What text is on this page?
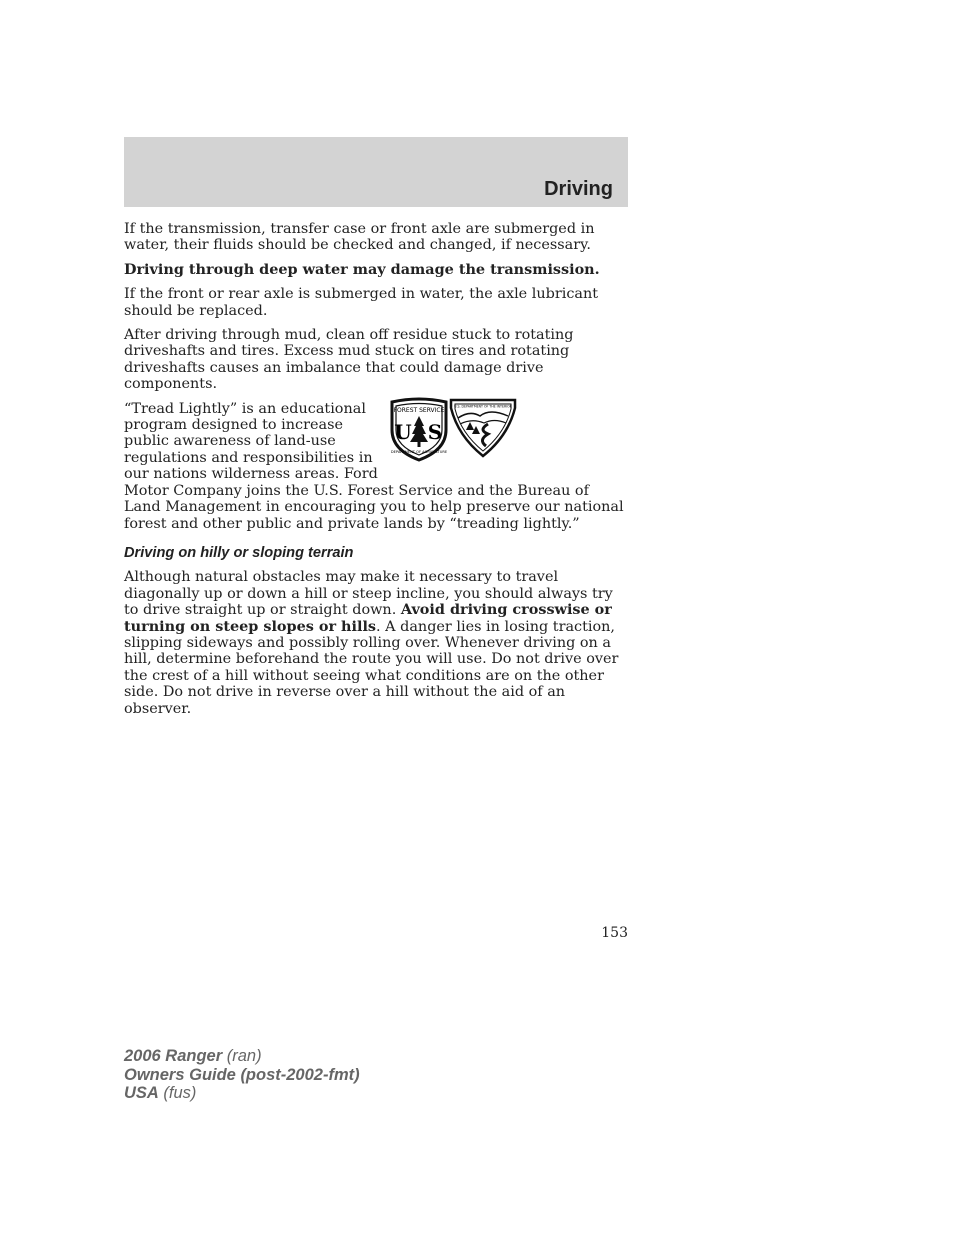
Driving

If the transmission, transfer case or front axle are submerged in water, their fluids should be checked and changed, if necessary.

Driving through deep water may damage the transmission.

If the front or rear axle is submerged in water, the axle lubricant should be replaced.

After driving through mud, clean off residue stuck to rotating driveshafts and tires. Excess mud stuck on tires and rotating driveshafts causes an imbalance that could damage drive components.

FOREST SERVICE
U S
DEPARTMENT OF AGRICULTURE
U.S. DEPARTMENT OF THE INTERIOR

“Tread Lightly” is an educational program designed to increase public awareness of land-use regulations and responsibilities in our nations wilderness areas. Ford Motor Company joins the U.S. Forest Service and the Bureau of Land Management in encouraging you to help preserve our national forest and other public and private lands by “treading lightly.”

Driving on hilly or sloping terrain

Although natural obstacles may make it necessary to travel diagonally up or down a hill or steep incline, you should always try to drive straight up or straight down. Avoid driving crosswise or turning on steep slopes or hills. A danger lies in losing traction, slipping sideways and possibly rolling over. Whenever driving on a hill, determine beforehand the route you will use. Do not drive over the crest of a hill without seeing what conditions are on the other side. Do not drive in reverse over a hill without the aid of an observer.

153
2006 Ranger (ran)
Owners Guide (post-2002-fmt)
USA (fus)
